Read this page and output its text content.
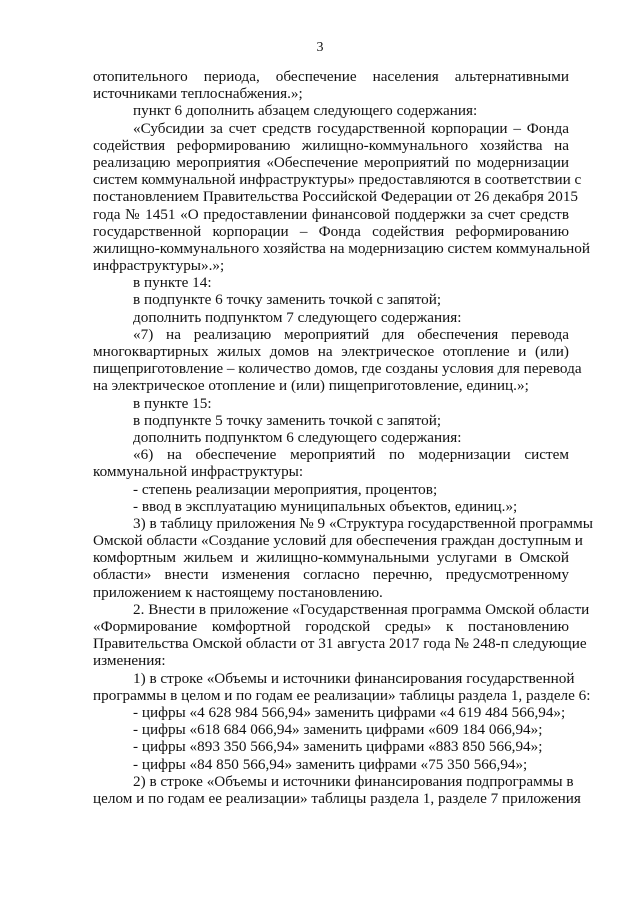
3
отопительного периода, обеспечение населения альтернативными
источниками теплоснабжения.»;
пункт 6 дополнить абзацем следующего содержания:
«Субсидии за счет средств государственной корпорации – Фонда
содействия реформированию жилищно-коммунального хозяйства на
реализацию мероприятия «Обеспечение мероприятий по модернизации
систем коммунальной инфраструктуры» предоставляются в соответствии с
постановлением Правительства Российской Федерации от 26 декабря 2015
года № 1451 «О предоставлении финансовой поддержки за счет средств
государственной корпорации – Фонда содействия реформированию
жилищно-коммунального хозяйства на модернизацию систем коммунальной
инфраструктуры».»;
в пункте 14:
в подпункте 6 точку заменить точкой с запятой;
дополнить подпунктом 7 следующего содержания:
«7) на реализацию мероприятий для обеспечения перевода
многоквартирных жилых домов на электрическое отопление и (или)
пищеприготовление – количество домов, где созданы условия для перевода
на электрическое отопление и (или) пищеприготовление, единиц.»;
в пункте 15:
в подпункте 5 точку заменить точкой с запятой;
дополнить подпунктом 6 следующего содержания:
«6) на обеспечение мероприятий по модернизации систем
коммунальной инфраструктуры:
- степень реализации мероприятия, процентов;
- ввод в эксплуатацию муниципальных объектов, единиц.»;
3) в таблицу приложения № 9 «Структура государственной программы
Омской области «Создание условий для обеспечения граждан доступным и
комфортным жильем и жилищно-коммунальными услугами в Омской
области» внести изменения согласно перечню, предусмотренному
приложением к настоящему постановлению.
2. Внести в приложение «Государственная программа Омской области
«Формирование комфортной городской среды» к постановлению
Правительства Омской области от 31 августа 2017 года № 248-п следующие
изменения:
1) в строке «Объемы и источники финансирования государственной
программы в целом и по годам ее реализации» таблицы раздела 1, разделе 6:
- цифры «4 628 984 566,94» заменить цифрами «4 619 484 566,94»;
- цифры «618 684 066,94» заменить цифрами «609 184 066,94»;
- цифры «893 350 566,94» заменить цифрами «883 850 566,94»;
- цифры «84 850 566,94» заменить цифрами «75 350 566,94»;
2) в строке «Объемы и источники финансирования подпрограммы в
целом и по годам ее реализации» таблицы раздела 1, разделе 7 приложения
